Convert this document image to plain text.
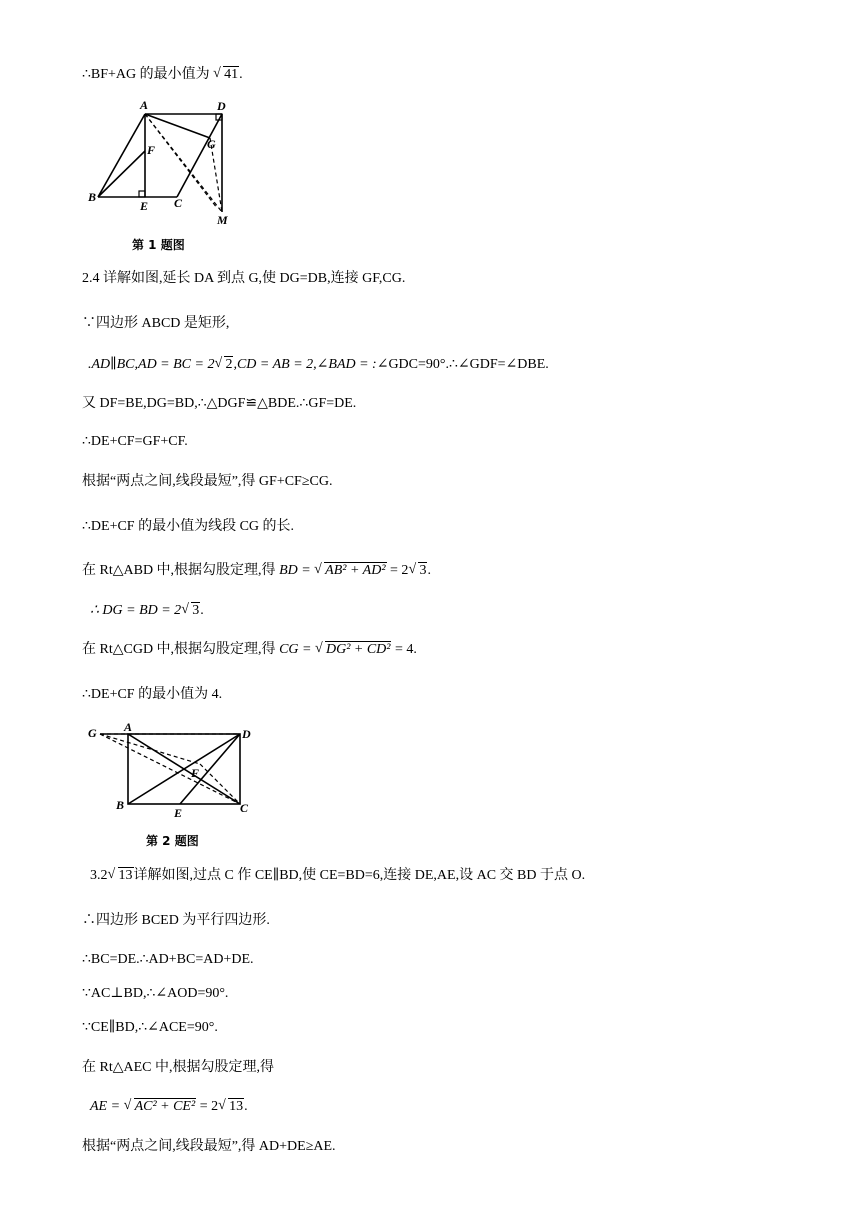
∴BF+AG 的最小值为 √ 41.
A	D
F	G
B
E C
M
第 1 题图
2.4 详解如图,延长 DA 到点 G,使 DG=DB,连接 GF,CG.
∵四边形 ABCD 是矩形,
.AD∥BC,AD = BC = 2 √ 2,CD = AB = 2,∠BAD = :∠GDC=90°.∴∠GDF=∠DBE.
又 DF=BE,DG=BD,∴△DGF≌△BDE.∴GF=DE.
∴DE+CF=GF+CF.
根据“两点之间,线段最短”,得 GF+CF≥CG.
∴DE+CF 的最小值为线段 CG 的长.
在 Rt△ABD 中,根据勾股定理,得 BD = √ AB² + AD² = 2 √ 3.
∴ DG = BD = 2 √ 3.
在 Rt△CGD 中,根据勾股定理,得 CG = √ DG² + CD² = 4.
∴DE+CF 的最小值为 4.
G A	D
F
B
E	C
第 2 题图
3.2 √ 13详解如图,过点 C 作 CE∥BD,使 CE=BD=6,连接 DE,AE,设 AC 交 BD 于点 O.
∴四边形 BCED 为平行四边形.
∴BC=DE.∴AD+BC=AD+DE.
∵AC⊥BD,∴∠AOD=90°.
∵CE∥BD,∴∠ACE=90°.
在 Rt△AEC 中,根据勾股定理,得
AE = √ AC² + CE² = 2 √ 13.
根据“两点之间,线段最短”,得 AD+DE≥AE.
